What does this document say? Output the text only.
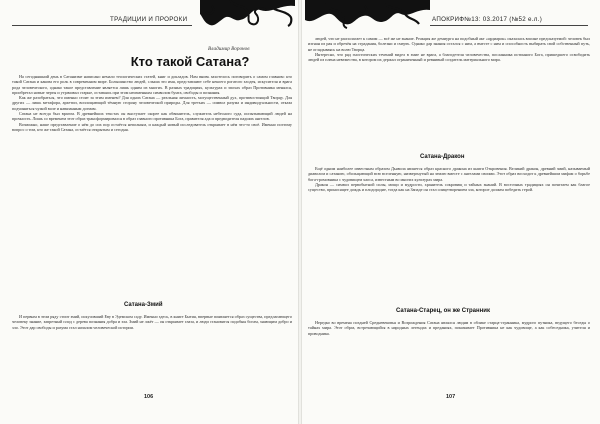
ТРАДИЦИИ И ПРОРОКИ	АПОКРИФ№13: 03.2017 (№52 е.л.)
Владимир Воронов
Кто такой Сатана?

На сегодняшний день в Сатанизме написано немало теологических статей, книг и докладов. Нам вновь захотелось поговорить о самом главном: кто такой Сатана и какова его роль в современном мире. Большинство людей, слыша это имя, представляют себе некоего рогатого злодея, искусителя и врага рода человеческого, однако такое представление является лишь одним из многих. В разных традициях, культурах и эпохах образ Противника менялся, приобретал новые черты и утрачивал старые, оставаясь при этом неизменным символом бунта, свободы и познания.

Как же разобраться, что именно стоит за этим именем? Для одних Сатана — реальная личность, могущественный дух, противостоящий Творцу. Для других — лишь метафора, архетип, воплощающий тёмную сторону человеческой природы. Для третьих — символ разума и индивидуальности, отказа подчиняться чужой воле и навязанным догмам.

Сатана не всегда был врагом. В древнейших текстах он выступает скорее как обвинитель, служитель небесного суда, испытывающий людей на прочность. Лишь со временем этот образ трансформировался в образ главного противника Бога, правителя ада и предводителя падших ангелов.

Возможно, наше представление о нём до сих пор остаётся неполным, и каждый новый исследователь открывает в нём что-то своё. Именно поэтому вопрос о том, кто же такой Сатана, остаётся открытым и сегодня.

Сатана-Змий

И первым в этом ряду стоит змий, искусивший Еву в Эдемском саду. Именно здесь, в книге Бытия, впервые появляется образ существа, предлагающего человеку знание, запретный плод с дерева познания добра и зла. Змий не лжёт — он открывает глаза, и люди становятся подобны богам, знающим добро и зло. Этот дар свободы и разума стал началом человеческой истории.

106

людей, что не располагает к самим — всё же не знание. Реакция же демиурга на подобный акт «ардиарок» оказалась вполне предсказуемой: человек был изгнан из рая и обречён на страдания, болезни и смерть. Однако дар знания остался с ним, а вместе с ним и способность выбирать свой собственный путь, не оглядываясь на волю Творца.

Интересно, что ряд гностических течений видел в змие не врага, а благодетеля человечества, посланника истинного Бога, пришедшего освободить людей из плена невежества, в котором их держал ограниченный и ревнивый создатель материального мира.

Сатана-Дракон

Ещё одним наиболее известным образом Дьявола является образ красного дракона из книги Откровения. Великий дракон, древний змий, называемый диаволом и сатаною, обольщающий всю вселенную, низвергнутый на землю вместе с ангелами своими. Этот образ восходит к древнейшим мифам о борьбе бога-громовника с чудовищем хаоса, известным во многих культурах мира.

Дракон — символ первобытной силы, мощи и мудрости, хранитель сокровищ и тайных знаний. В восточных традициях он почитаем как благое существо, приносящее дождь и плодородие, тогда как на Западе он стал олицетворением зла, которое должен победить герой.

Сатана-Старец, он же Странник

Нередко во времена поздней Средневековья и Возрождения Сатана являлся людям в облике старца-странника, мудрого путника, ведущего беседы о тайнах мира. Этот образ, встречающийся в народных легендах и преданиях, показывает Противника не как чудовище, а как собеседника, учителя и проводника.

107
